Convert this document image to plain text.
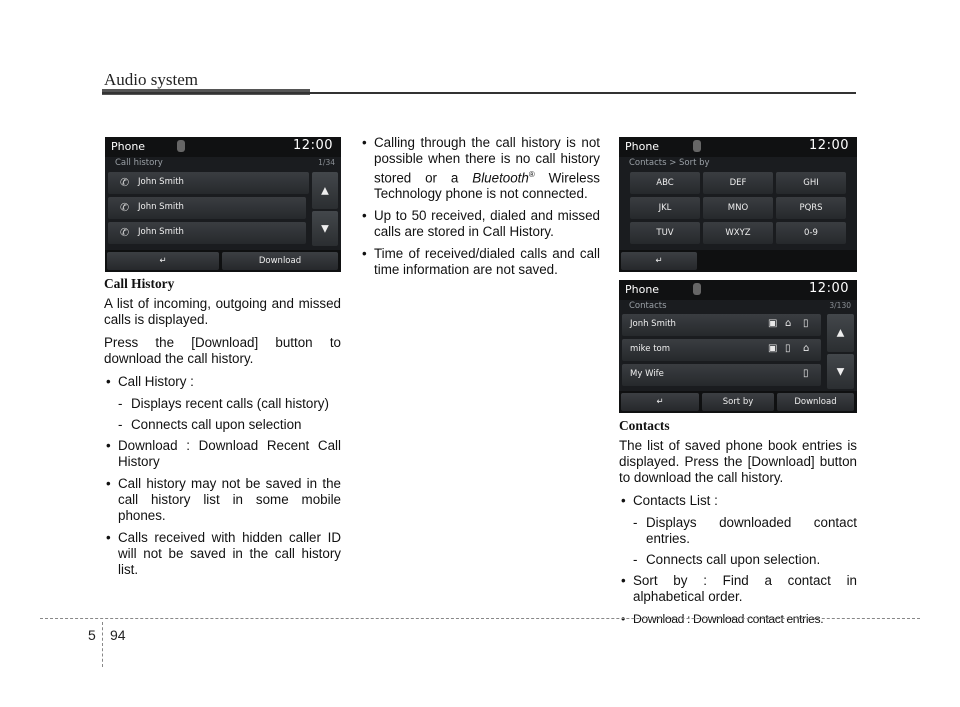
Audio system
Phone	12:00
Call history	1/34
✆ John Smith
✆ John Smith
✆ John Smith
▲
▼
↵	Download
Phone	12:00
Contacts > Sort by
ABC	DEF	GHI
JKL	MNO	PQRS
TUV	WXYZ	0-9
↵
Phone	12:00
Contacts	3/130
Jonh Smith	▣ ⌂ ▯
mike tom	▣ ▯ ⌂
My Wife	▯
▲
▼
↵	Sort by	Download
Call History

A list of incoming, outgoing and missed calls is displayed.

Press the [Download] button to download the call history.

• Call History :
- Displays recent calls (call history)
- Connects call upon selection
• Download : Download Recent Call History
• Call history may not be saved in the call history list in some mobile phones.
• Calls received with hidden caller ID will not be saved in the call history list.
• Calling through the call history is not possible when there is no call history stored or a Bluetooth® Wireless Technology phone is not connected.
• Up to 50 received, dialed and missed calls are stored in Call History.
• Time of received/dialed calls and call time information are not saved.
Contacts

The list of saved phone book entries is displayed. Press the [Download] button to download the call history.

• Contacts List :
- Displays downloaded contact entries.
- Connects call upon selection.
• Sort by : Find a contact in alphabetical order.
• Download : Download contact entries.
5 94
